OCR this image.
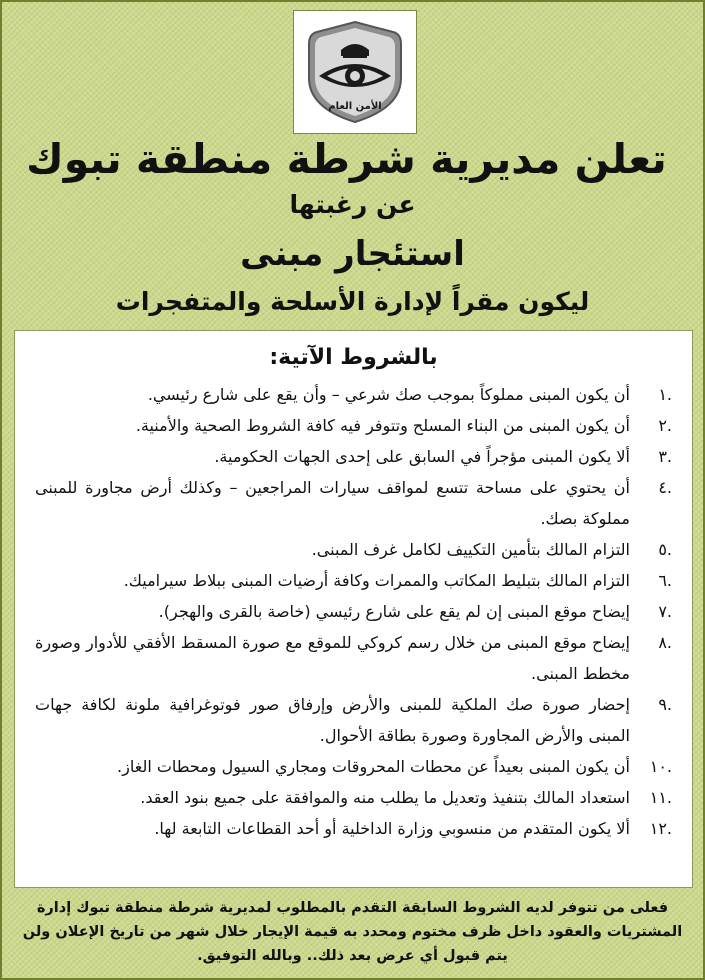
الأمن العام
تعلن مديرية شرطة منطقة تبوك
عن رغبتها
استئجار مبنى
ليكون مقراً لإدارة الأسلحة والمتفجرات
بالشروط الآتية:
.١
أن يكون المبنى مملوكاً بموجب صك شرعي – وأن يقع على شارع رئيسي.
.٢
أن يكون المبنى من البناء المسلح وتتوفر فيه كافة الشروط الصحية والأمنية.
.٣
ألا يكون المبنى مؤجراً في السابق على إحدى الجهات الحكومية.
.٤
أن يحتوي على مساحة تتسع لمواقف سيارات المراجعين – وكذلك أرض مجاورة للمبنى مملوكة بصك.
.٥
التزام المالك بتأمين التكييف لكامل غرف المبنى.
.٦
التزام المالك بتبليط المكاتب والممرات وكافة أرضيات المبنى ببلاط سيراميك.
.٧
إيضاح موقع المبنى إن لم يقع على شارع رئيسي (خاصة بالقرى والهجر).
.٨
إيضاح موقع المبنى من خلال رسم كروكي للموقع مع صورة المسقط الأفقي للأدوار وصورة مخطط المبنى.
.٩
إحضار صورة صك الملكية للمبنى والأرض وإرفاق صور فوتوغرافية ملونة لكافة جهات المبنى والأرض المجاورة وصورة بطاقة الأحوال.
.١٠
أن يكون المبنى بعيداً عن محطات المحروقات ومجاري السيول ومحطات الغاز.
.١١
استعداد المالك بتنفيذ وتعديل ما يطلب منه والموافقة على جميع بنود العقد.
.١٢
ألا يكون المتقدم من منسوبي وزارة الداخلية أو أحد القطاعات التابعة لها.
فعلى من تتوفر لديه الشروط السابقة التقدم بالمطلوب لمديرية شرطة منطقة تبوك إدارة المشتريات والعقود داخل ظرف مختوم ومحدد به قيمة الإيجار خلال شهر من تاريخ الإعلان ولن يتم قبول أي عرض بعد ذلك.. وبالله التوفيق.
